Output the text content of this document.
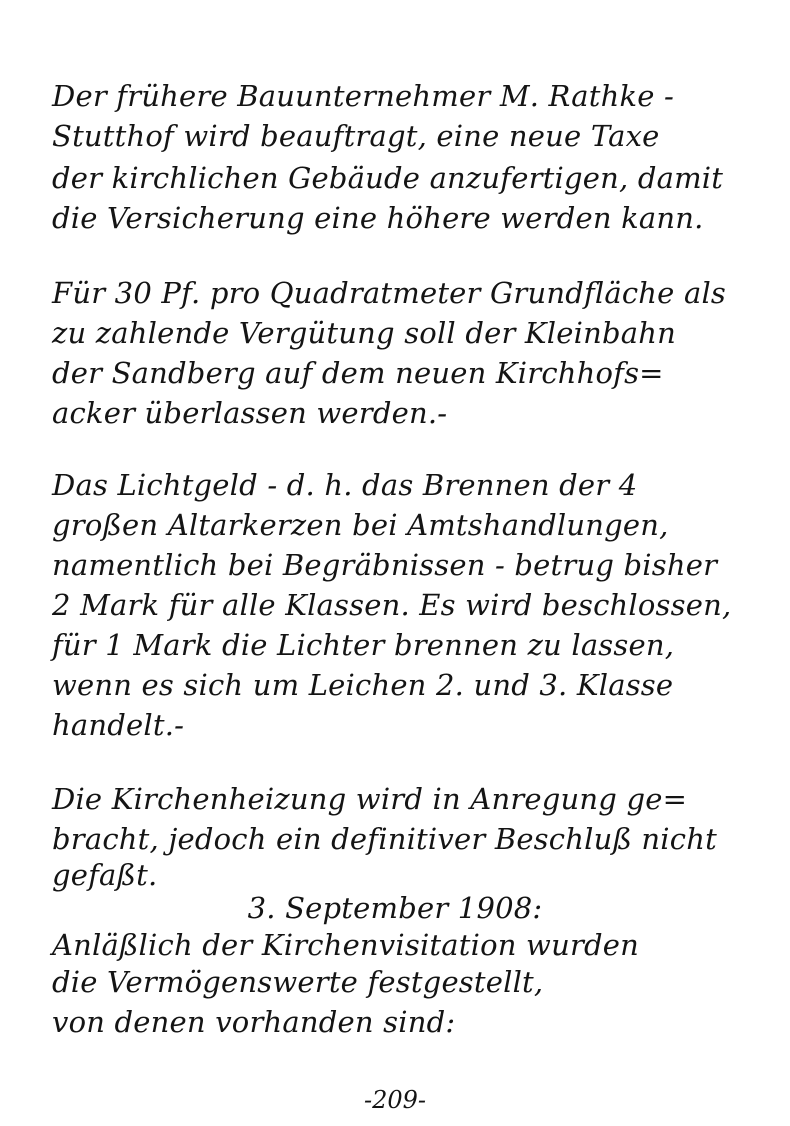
Der frühere Bauunternehmer M. Rathke -
Stutthof wird beauftragt, eine neue Taxe
der kirchlichen Gebäude anzufertigen, damit
die Versicherung eine höhere werden kann.
Für 30 Pf. pro Quadratmeter Grundfläche als
zu zahlende Vergütung soll der Kleinbahn
der Sandberg auf dem neuen Kirchhofs=
acker überlassen werden.-
Das Lichtgeld - d. h. das Brennen der 4
großen Altarkerzen bei Amtshandlungen,
namentlich bei Begräbnissen - betrug bisher
2 Mark für alle Klassen. Es wird beschlossen,
für 1 Mark die Lichter brennen zu lassen,
wenn es sich um Leichen 2. und 3. Klasse
handelt.-
Die Kirchenheizung wird in Anregung ge=
bracht, jedoch ein definitiver Beschluß nicht
gefaßt.
3. September 1908:
Anläßlich der Kirchenvisitation wurden
die Vermögenswerte festgestellt,
von denen vorhanden sind:
-209-
